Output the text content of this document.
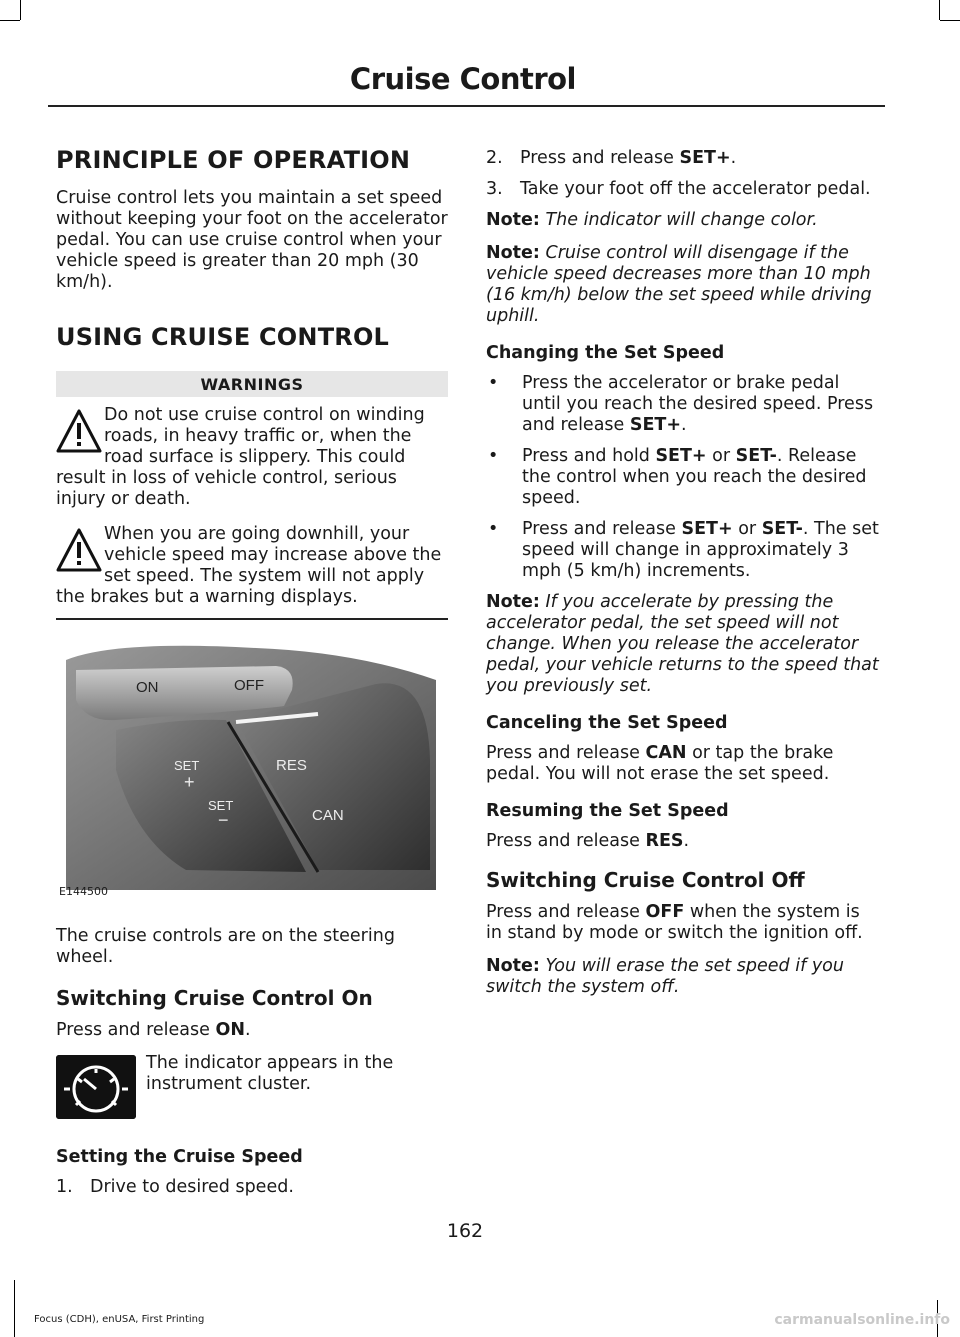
Cruise Control
PRINCIPLE OF OPERATION

Cruise control lets you maintain a set speed without keeping your foot on the accelerator pedal. You can use cruise control when your vehicle speed is greater than 20 mph (30 km/h).

USING CRUISE CONTROL
WARNINGS
Do not use cruise control on winding roads, in heavy traffic or, when the road surface is slippery. This could result in loss of vehicle control, serious injury or death.
When you are going downhill, your vehicle speed may increase above the set speed. The system will not apply the brakes but a warning displays.
ON	OFF
SET
+
SET
−
RES
CAN
E144500

The cruise controls are on the steering wheel.

Switching Cruise Control On

Press and release ON.

The indicator appears in the instrument cluster.
Setting the Cruise Speed
1. Drive to desired speed.
2. Press and release SET+.
3. Take your foot off the accelerator pedal.

Note: The indicator will change color.

Note: Cruise control will disengage if the vehicle speed decreases more than 10 mph (16 km/h) below the set speed while driving uphill.

Changing the Set Speed
•	Press the accelerator or brake pedal until you reach the desired speed. Press and release SET+.
•	Press and hold SET+ or SET-. Release the control when you reach the desired speed.
•	Press and release SET+ or SET-. The set speed will change in approximately 3 mph (5 km/h) increments.

Note: If you accelerate by pressing the accelerator pedal, the set speed will not change. When you release the accelerator pedal, your vehicle returns to the speed that you previously set.

Canceling the Set Speed

Press and release CAN or tap the brake pedal. You will not erase the set speed.

Resuming the Set Speed

Press and release RES.

Switching Cruise Control Off

Press and release OFF when the system is in stand by mode or switch the ignition off.

Note: You will erase the set speed if you switch the system off.

162
Focus (CDH), enUSA, First Printing	carmanualsonline.info
